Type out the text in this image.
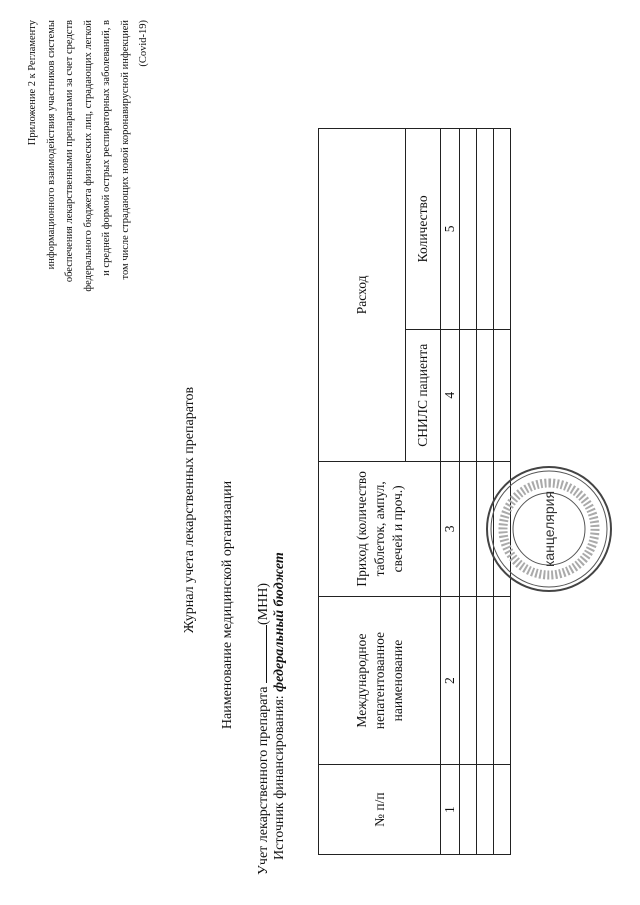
Приложение 2 к Регламенту информационного взаимодействия участников системы обеспечения лекарственными препаратами за счет средств федерального бюджета физических лиц, страдающих легкой и средней формой острых респираторных заболеваний, в том числе страдающих новой коронавирусной инфекцией (Covid-19)
Журнал учета лекарственных препаратов Наименование медицинской организации
Учет лекарственного препарата (МНН)
Источник финансирования: федеральный бюджет
№ п/п	Международное непатентованное наименование	Приход (количество таблеток, ампул, свечей и проч.)	Расход	
			СНИЛС пациента	Количество
1	2	3	4	5

канцелярия
